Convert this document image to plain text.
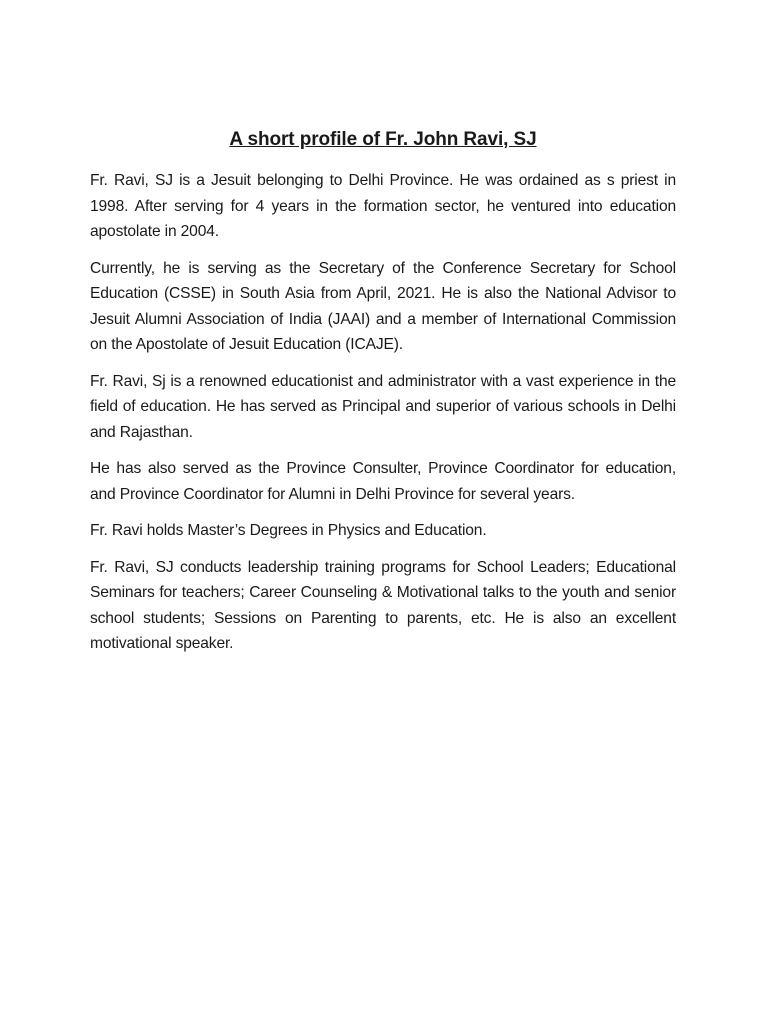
A short profile of Fr. John Ravi, SJ

Fr. Ravi, SJ is a Jesuit belonging to Delhi Province. He was ordained as s priest in 1998. After serving for 4 years in the formation sector, he ventured into education apostolate in 2004.

Currently, he is serving as the Secretary of the Conference Secretary for School Education (CSSE) in South Asia from April, 2021. He is also the National Advisor to Jesuit Alumni Association of India (JAAI) and a member of International Commission on the Apostolate of Jesuit Education (ICAJE).

Fr. Ravi, Sj is a renowned educationist and administrator with a vast experience in the field of education. He has served as Principal and superior of various schools in Delhi and Rajasthan.

He has also served as the Province Consulter, Province Coordinator for education, and Province Coordinator for Alumni in Delhi Province for several years.

Fr. Ravi holds Master’s Degrees in Physics and Education.

Fr. Ravi, SJ conducts leadership training programs for School Leaders; Educational Seminars for teachers; Career Counseling & Motivational talks to the youth and senior school students; Sessions on Parenting to parents, etc. He is also an excellent motivational speaker.
